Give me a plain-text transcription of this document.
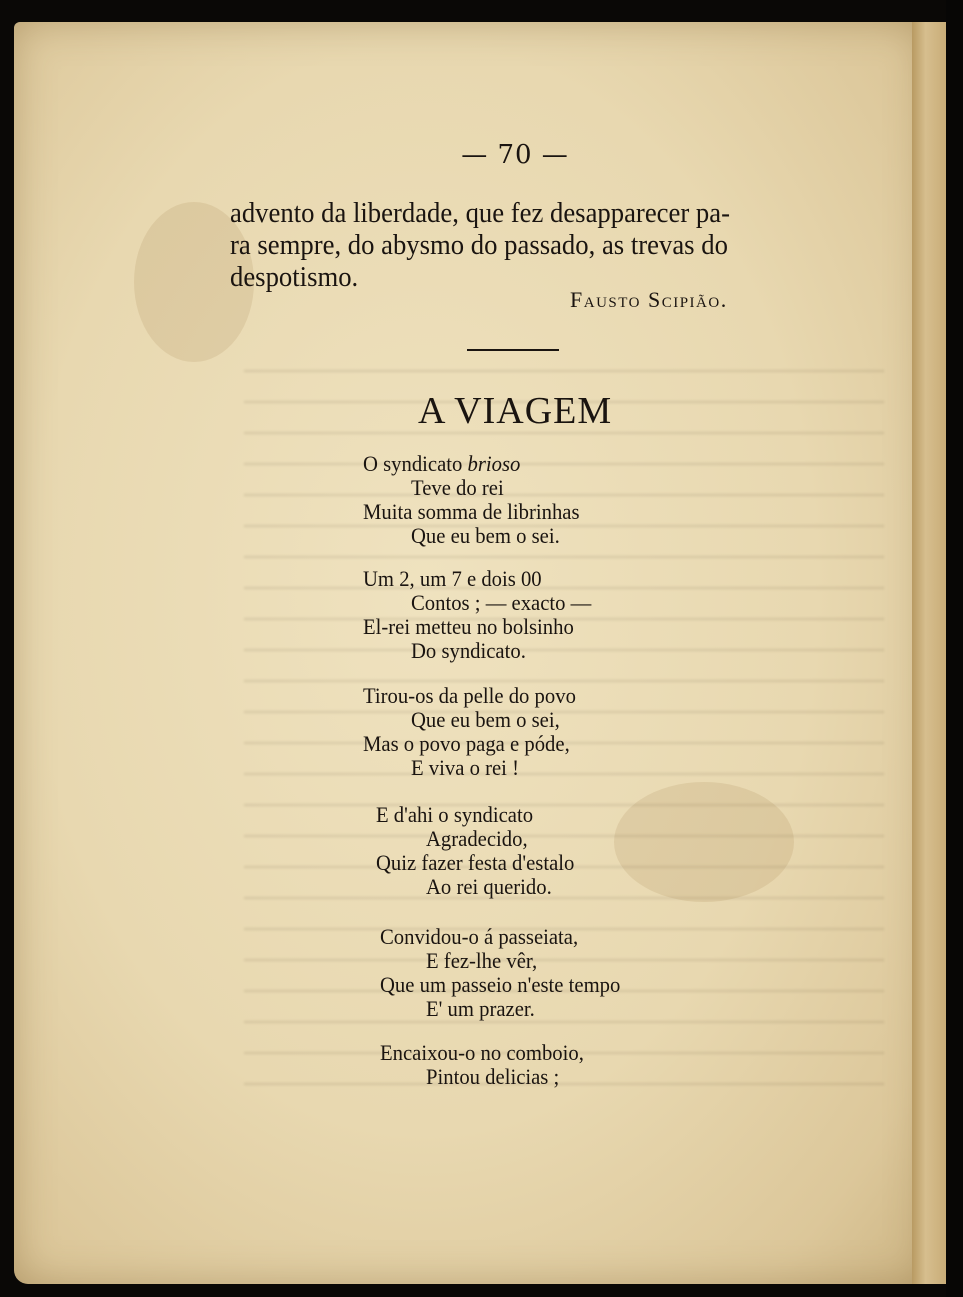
— 70 —
advento da liberdade, que fez desapparecer pa-
ra sempre, do abysmo do passado, as trevas do
despotismo.
Fausto Scipião.
A VIAGEM
O syndicato brioso
Teve do rei
Muita somma de librinhas
Que eu bem o sei.
Um 2, um 7 e dois 00
Contos ; — exacto —
El-rei metteu no bolsinho
Do syndicato.
Tirou-os da pelle do povo
Que eu bem o sei,
Mas o povo paga e póde,
E viva o rei !
E d'ahi o syndicato
Agradecido,
Quiz fazer festa d'estalo
Ao rei querido.
Convidou-o á passeiata,
E fez-lhe vêr,
Que um passeio n'este tempo
E' um prazer.
Encaixou-o no comboio,
Pintou delicias ;
